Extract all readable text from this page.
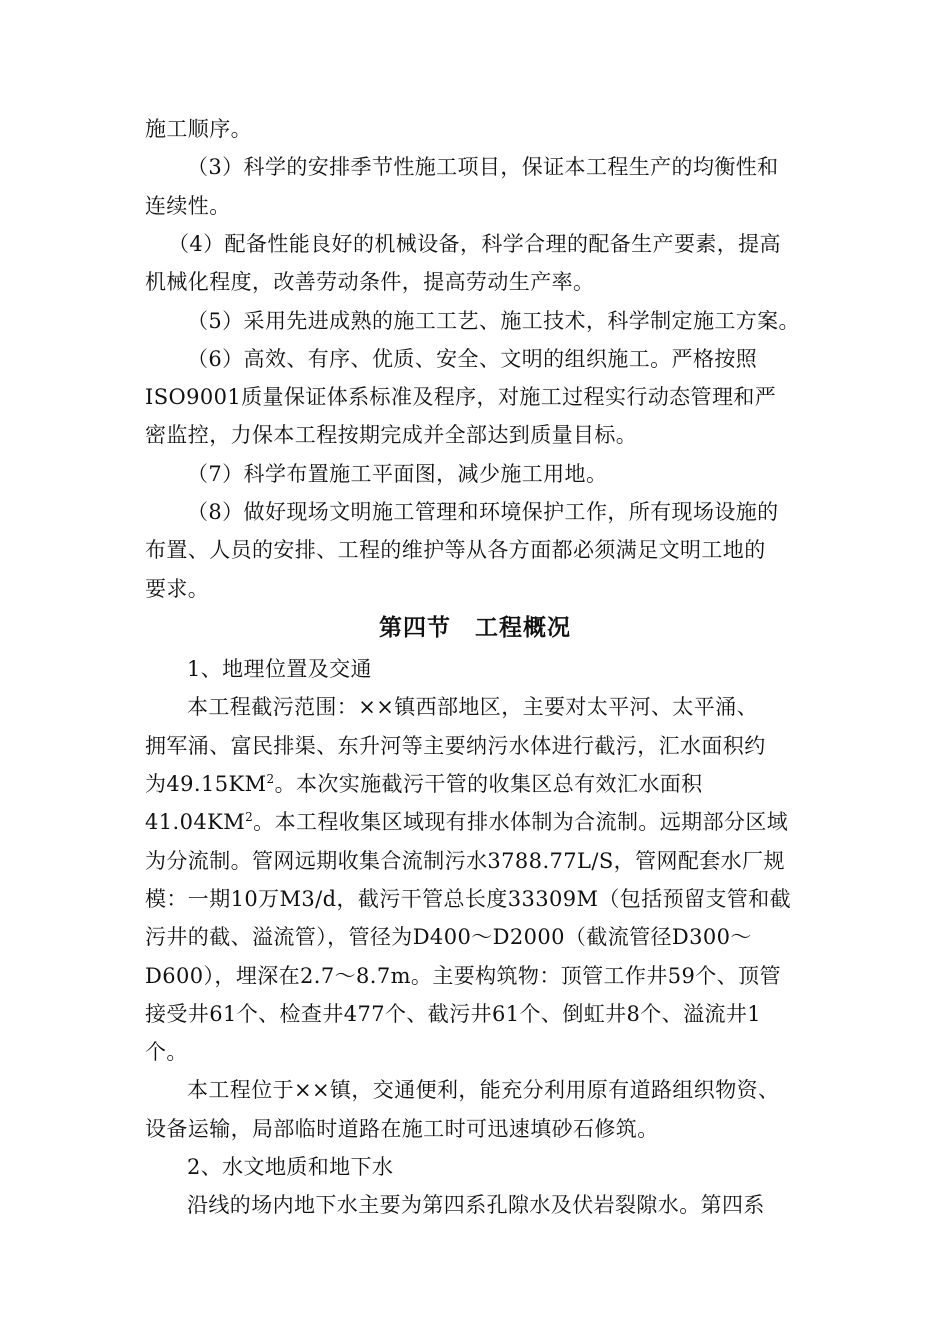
施工顺序。
（3）科学的安排季节性施工项目，保证本工程生产的均衡性和
连续性。
（4）配备性能良好的机械设备，科学合理的配备生产要素，提高
机械化程度，改善劳动条件，提高劳动生产率。
（5）采用先进成熟的施工工艺、施工技术，科学制定施工方案。
（6）高效、有序、优质、安全、文明的组织施工。严格按照
ISO9001质量保证体系标准及程序，对施工过程实行动态管理和严
密监控，力保本工程按期完成并全部达到质量目标。
（7）科学布置施工平面图，减少施工用地。
（8）做好现场文明施工管理和环境保护工作，所有现场设施的
布置、人员的安排、工程的维护等从各方面都必须满足文明工地的
要求。
第四节　工程概况
1、地理位置及交通
本工程截污范围：××镇西部地区，主要对太平河、太平涌、
拥军涌、富民排渠、东升河等主要纳污水体进行截污，汇水面积约
为$49.15KM^2$。本次实施截污干管的收集区总有效汇水面积
$41.04KM^2$。本工程收集区域现有排水体制为合流制。远期部分区域
为分流制。管网远期收集合流制污水3788.77L/S，管网配套水厂规
模：一期10万M3/d，截污干管总长度33309M（包括预留支管和截
污井的截、溢流管），管径为D400～D2000（截流管径D300～
D600），埋深在2.7～8.7m。主要构筑物：顶管工作井59个、顶管
接受井61个、检查井477个、截污井61个、倒虹井8个、溢流井1
个。
本工程位于××镇，交通便利，能充分利用原有道路组织物资、
设备运输，局部临时道路在施工时可迅速填砂石修筑。
2、水文地质和地下水
沿线的场内地下水主要为第四系孔隙水及伏岩裂隙水。第四系
